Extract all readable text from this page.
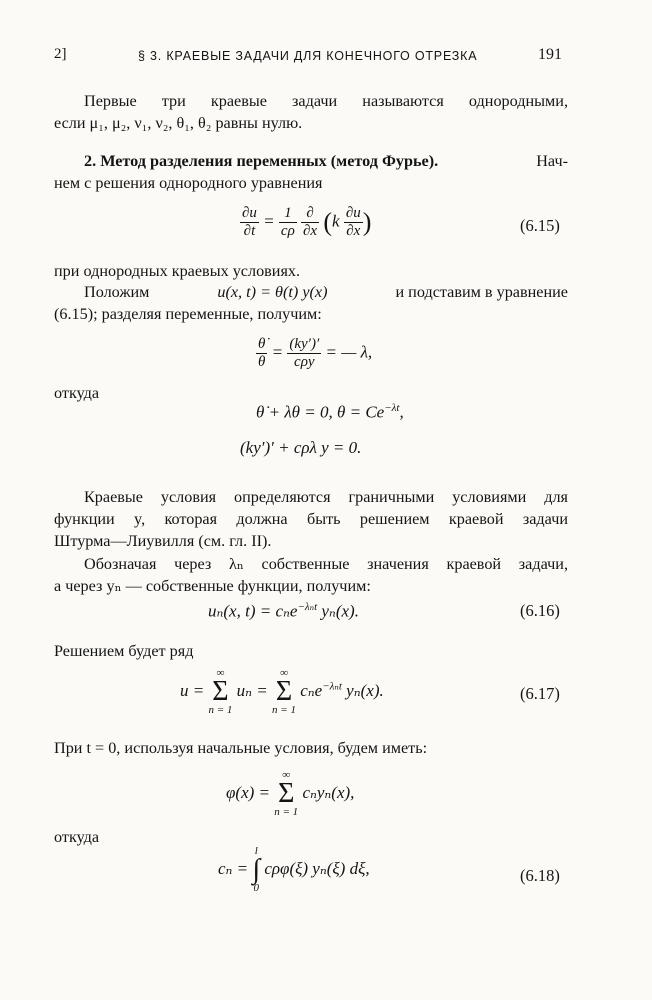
2]	§ 3. КРАЕВЫЕ ЗАДАЧИ ДЛЯ КОНЕЧНОГО ОТРЕЗКА	191
Первые три краевые задачи называются однородными,
если μ₁, μ₂, ν₁, ν₂, θ₁, θ₂ равны нулю.
2. Метод разделения переменных (метод Фурье).	Нач-
нем с решения однородного уравнения
$\frac{\partial u}{\partial t} = \frac{1}{c\rho}$
$\frac{\partial}{\partial x} (k \frac{\partial u}{\partial x}$ )	(6.15)
при однородных краевых условиях.
Положим	u(x, t) = θ(t) y(x)	и подставим в уравнение
(6.15); разделяя переменные, получим:
$\frac{\thetȧ}{\theta} = \frac{(ky')'}{\text{cρy}}$ = — λ,
откуда
θ̇ + λθ = 0, $\theta = Ce^{-\lambda t}$,
(ky′)′ + cρλ y = 0.
Краевые условия определяются граничными условиями для
функции y, которая должна быть решением краевой задачи
Штурма—Лиувилля (см. гл. II).
Обозначая через λₙ собственные значения краевой задачи,
а через yₙ — собственные функции, получим:
uₙ(x, t) = cₙe$^{-\lambda_nt}$ yₙ(x).	(6.16)
Решением будет ряд
u =
∞
Σ
n = 1
uₙ =
∞
Σ
n = 1
cₙe$^{-\lambda_nt}$ yₙ(x).	(6.17)
При t = 0, используя начальные условия, будем иметь:
φ(x) =
∞
Σ
n = 1
cₙyₙ(x),
откуда
cₙ =
l
∫
0
cρφ(ξ) yₙ(ξ) dξ,	(6.18)
